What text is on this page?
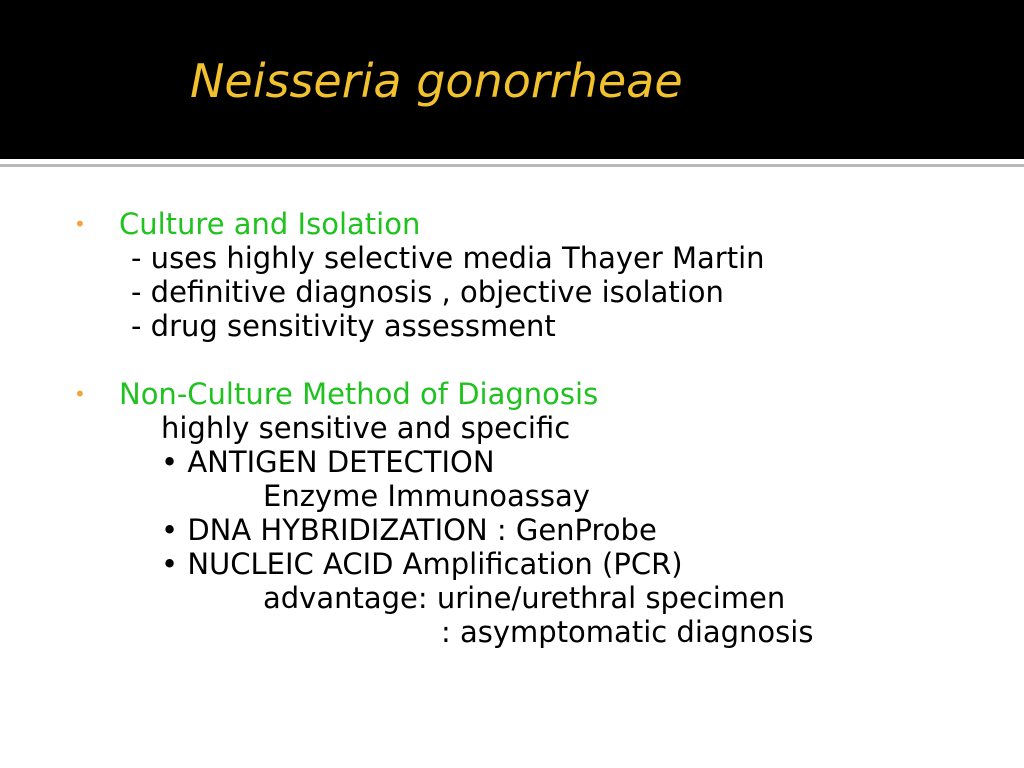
Neisseria gonorrheae
• Culture and Isolation
- uses highly selective media Thayer Martin
- definitive diagnosis , objective isolation
- drug sensitivity assessment
• Non-Culture Method of Diagnosis
highly sensitive and specific
• ANTIGEN DETECTION
Enzyme Immunoassay
• DNA HYBRIDIZATION : GenProbe
• NUCLEIC ACID Amplification (PCR)
advantage: urine/urethral specimen
: asymptomatic diagnosis
